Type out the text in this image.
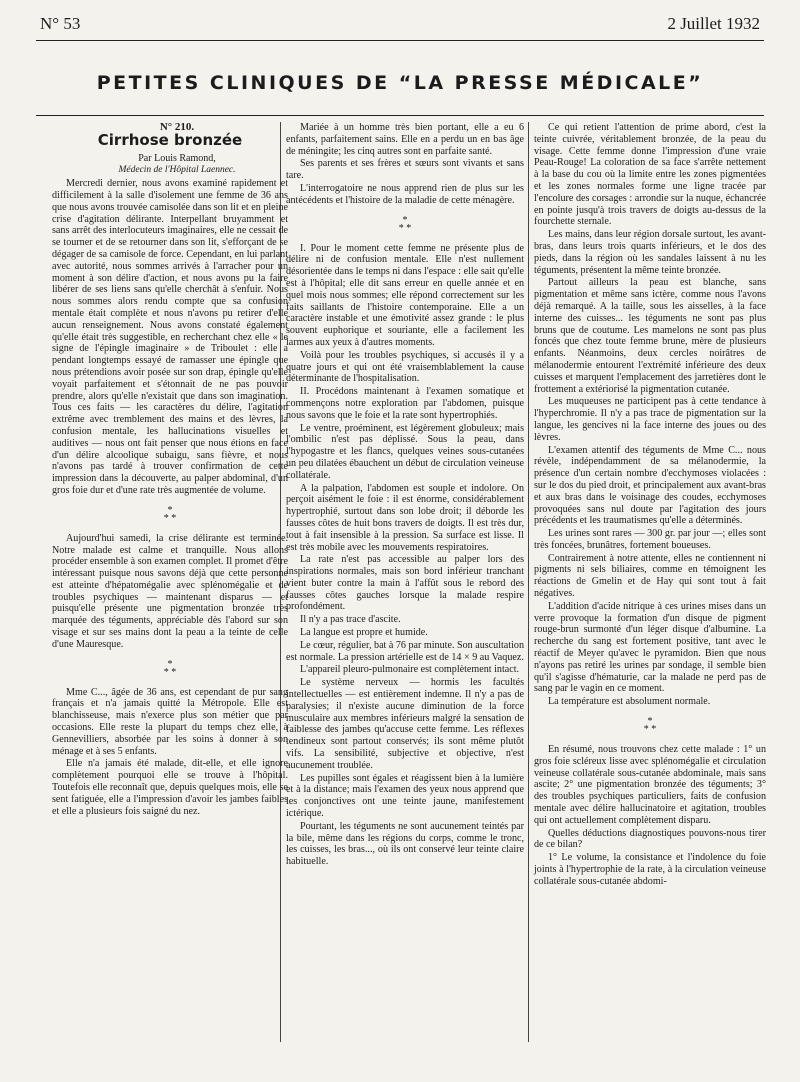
N° 53	2 Juillet 1932
PETITES CLINIQUES DE “LA PRESSE MÉDICALE”

N° 210.

Cirrhose bronzée

Par Louis Ramond,

Médecin de l'Hôpital Laennec.

Mercredi dernier, nous avons examiné rapidement et difficilement à la salle d'isolement une femme de 36 ans que nous avons trouvée camisolée dans son lit et en pleine crise d'agitation délirante. Interpellant bruyamment et sans arrêt des interlocuteurs imaginaires, elle ne cessait de se tourner et de se retourner dans son lit, s'efforçant de se dégager de sa camisole de force. Cependant, en lui parlant avec autorité, nous sommes arrivés à l'arracher pour un moment à son délire d'action, et nous avons pu la faire libérer de ses liens sans qu'elle cherchât à s'enfuir. Nous nous sommes alors rendu compte que sa confusion mentale était complète et nous n'avons pu retirer d'elle aucun renseignement. Nous avons constaté également qu'elle était très suggestible, en recherchant chez elle « le signe de l'épingle imaginaire » de Triboulet : elle a pendant longtemps essayé de ramasser une épingle que nous prétendions avoir posée sur son drap, épingle qu'elle voyait parfaitement et s'étonnait de ne pas pouvoir prendre, alors qu'elle n'existait que dans son imagination. Tous ces faits — les caractères du délire, l'agitation extrême avec tremblement des mains et des lèvres, la confusion mentale, les hallucinations visuelles et auditives — nous ont fait penser que nous étions en face d'un délire alcoolique subaigu, sans fièvre, et nous n'avons pas tardé à trouver confirmation de cette impression dans la découverte, au palper abdominal, d'un gros foie dur et d'une rate très augmentée de volume.

*
* *

Aujourd'hui samedi, la crise délirante est terminée. Notre malade est calme et tranquille. Nous allons procéder ensemble à son examen complet. Il promet d'être intéressant puisque nous savons déjà que cette personne est atteinte d'hépatomégalie avec splénomégalie et de troubles psychiques — maintenant disparus — et puisqu'elle présente une pigmentation bronzée très marquée des téguments, appréciable dès l'abord sur son visage et sur ses mains dont la peau a la teinte de celle d'une Mauresque.

*
* *

Mme C..., âgée de 36 ans, est cependant de pur sang français et n'a jamais quitté la Métropole. Elle est blanchisseuse, mais n'exerce plus son métier que par occasions. Elle reste la plupart du temps chez elle, à Gennevilliers, absorbée par les soins à donner à son ménage et à ses 5 enfants.

Elle n'a jamais été malade, dit-elle, et elle ignore complètement pourquoi elle se trouve à l'hôpital. Toutefois elle reconnaît que, depuis quelques mois, elle se sent fatiguée, elle a l'impression d'avoir les jambes faibles et elle a plusieurs fois saigné du nez.

Mariée à un homme très bien portant, elle a eu 6 enfants, parfaitement sains. Elle en a perdu un en bas âge de méningite; les cinq autres sont en parfaite santé.

Ses parents et ses frères et sœurs sont vivants et sans tare.

L'interrogatoire ne nous apprend rien de plus sur les antécédents et l'histoire de la maladie de cette ménagère.

*
* *

I. Pour le moment cette femme ne présente plus de délire ni de confusion mentale. Elle n'est nullement désorientée dans le temps ni dans l'espace : elle sait qu'elle est à l'hôpital; elle dit sans erreur en quelle année et en quel mois nous sommes; elle répond correctement sur les faits saillants de l'histoire contemporaine. Elle a un caractère instable et une émotivité assez grande : le plus souvent euphorique et souriante, elle a facilement les larmes aux yeux à d'autres moments.

Voilà pour les troubles psychiques, si accusés il y a quatre jours et qui ont été vraisemblablement la cause déterminante de l'hospitalisation.

II. Procédons maintenant à l'examen somatique et commençons notre exploration par l'abdomen, puisque nous savons que le foie et la rate sont hypertrophiés.

Le ventre, proéminent, est légèrement globuleux; mais l'ombilic n'est pas déplissé. Sous la peau, dans l'hypogastre et les flancs, quelques veines sous-cutanées un peu dilatées ébauchent un début de circulation veineuse collatérale.

A la palpation, l'abdomen est souple et indolore. On perçoit aisément le foie : il est énorme, considérablement hypertrophié, surtout dans son lobe droit; il déborde les fausses côtes de huit bons travers de doigts. Il est très dur, tout à fait insensible à la pression. Sa surface est lisse. Il est très mobile avec les mouvements respiratoires.

La rate n'est pas accessible au palper lors des inspirations normales, mais son bord inférieur tranchant vient buter contre la main à l'affût sous le rebord des fausses côtes gauches lorsque la malade respire profondément.

Il n'y a pas trace d'ascite.

La langue est propre et humide.

Le cœur, régulier, bat à 76 par minute. Son auscultation est normale. La pression artérielle est de 14 × 9 au Vaquez.

L'appareil pleuro-pulmonaire est complètement intact.

Le système nerveux — hormis les facultés intellectuelles — est entièrement indemne. Il n'y a pas de paralysies; il n'existe aucune diminution de la force musculaire aux membres inférieurs malgré la sensation de faiblesse des jambes qu'accuse cette femme. Les réflexes tendineux sont partout conservés; ils sont même plutôt vifs. La sensibilité, subjective et objective, n'est aucunement troublée.

Les pupilles sont égales et réagissent bien à la lumière et à la distance; mais l'examen des yeux nous apprend que les conjonctives ont une teinte jaune, manifestement ictérique.

Pourtant, les téguments ne sont aucunement teintés par la bile, même dans les régions du corps, comme le tronc, les cuisses, les bras..., où ils ont conservé leur teinte claire habituelle.

Ce qui retient l'attention de prime abord, c'est la teinte cuivrée, véritablement bronzée, de la peau du visage. Cette femme donne l'impression d'une vraie Peau-Rouge! La coloration de sa face s'arrête nettement à la base du cou où la limite entre les zones pigmentées et les zones normales forme une ligne tracée par l'encolure des corsages : arrondie sur la nuque, échancrée en pointe jusqu'à trois travers de doigts au-dessus de la fourchette sternale.

Les mains, dans leur région dorsale surtout, les avant-bras, dans leurs trois quarts inférieurs, et le dos des pieds, dans la région où les sandales laissent à nu les téguments, présentent la même teinte bronzée.

Partout ailleurs la peau est blanche, sans pigmentation et même sans ictère, comme nous l'avons déjà remarqué. A la taille, sous les aisselles, à la face interne des cuisses... les téguments ne sont pas plus bruns que de coutume. Les mamelons ne sont pas plus foncés que chez toute femme brune, mère de plusieurs enfants. Néanmoins, deux cercles noirâtres de mélanodermie entourent l'extrémité inférieure des deux cuisses et marquent l'emplacement des jarretières dont le frottement a extériorisé la pigmentation cutanée.

Les muqueuses ne participent pas à cette tendance à l'hyperchromie. Il n'y a pas trace de pigmentation sur la langue, les gencives ni la face interne des joues ou des lèvres.

L'examen attentif des téguments de Mme C... nous révèle, indépendamment de sa mélanodermie, la présence d'un certain nombre d'ecchymoses violacées : sur le dos du pied droit, et principalement aux avant-bras et aux bras dans le voisinage des coudes, ecchymoses provoquées sans nul doute par l'agitation des jours précédents et les traumatismes qu'elle a déterminés.

Les urines sont rares — 300 gr. par jour —; elles sont très foncées, brunâtres, fortement boueuses.

Contrairement à notre attente, elles ne contiennent ni pigments ni sels biliaires, comme en témoignent les réactions de Gmelin et de Hay qui sont tout à fait négatives.

L'addition d'acide nitrique à ces urines mises dans un verre provoque la formation d'un disque de pigment rouge-brun surmonté d'un léger disque d'albumine. La recherche du sang est fortement positive, tant avec le réactif de Meyer qu'avec le pyramidon. Bien que nous n'ayons pas retiré les urines par sondage, il semble bien qu'il s'agisse d'hématurie, car la malade ne perd pas de sang par le vagin en ce moment.

La température est absolument normale.

*
* *

En résumé, nous trouvons chez cette malade : 1° un gros foie scléreux lisse avec splénomégalie et circulation veineuse collatérale sous-cutanée abdominale, mais sans ascite; 2° une pigmentation bronzée des téguments; 3° des troubles psychiques particuliers, faits de confusion mentale avec délire hallucinatoire et agitation, troubles qui ont actuellement complètement disparu.

Quelles déductions diagnostiques pouvons-nous tirer de ce bilan?

1° Le volume, la consistance et l'indolence du foie joints à l'hypertrophie de la rate, à la circulation veineuse collatérale sous-cutanée abdomi-
